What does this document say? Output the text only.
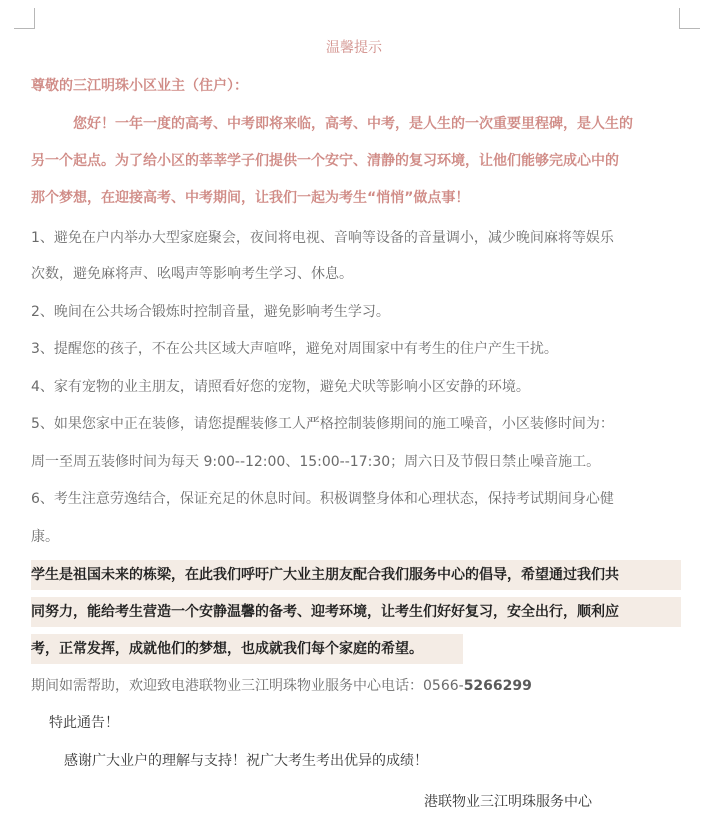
温馨提示
尊敬的三江明珠小区业主（住户）：
　　　您好！一年一度的高考、中考即将来临，高考、中考，是人生的一次重要里程碑，是人生的
另一个起点。为了给小区的莘莘学子们提供一个安宁、清静的复习环境，让他们能够完成心中的
那个梦想，在迎接高考、中考期间，让我们一起为考生“悄悄”做点事！
1、避免在户内举办大型家庭聚会，夜间将电视、音响等设备的音量调小，减少晚间麻将等娱乐
次数，避免麻将声、吆喝声等影响考生学习、休息。
2、晚间在公共场合锻炼时控制音量，避免影响考生学习。
3、提醒您的孩子，不在公共区域大声喧哗，避免对周围家中有考生的住户产生干扰。
4、家有宠物的业主朋友，请照看好您的宠物，避免犬吠等影响小区安静的环境。
5、如果您家中正在装修，请您提醒装修工人严格控制装修期间的施工噪音，小区装修时间为：
周一至周五装修时间为每天 9:00--12:00、15:00--17:30；周六日及节假日禁止噪音施工。
6、考生注意劳逸结合，保证充足的休息时间。积极调整身体和心理状态，保持考试期间身心健
康。
学生是祖国未来的栋梁，在此我们呼吁广大业主朋友配合我们服务中心的倡导，希望通过我们共
同努力，能给考生营造一个安静温馨的备考、迎考环境，让考生们好好复习，安全出行，顺利应
考，正常发挥，成就他们的梦想，也成就我们每个家庭的希望。
期间如需帮助，欢迎致电港联物业三江明珠物业服务中心电话：0566-5266299
特此通告！
感谢广大业户的理解与支持！祝广大考生考出优异的成绩！
港联物业三江明珠服务中心
